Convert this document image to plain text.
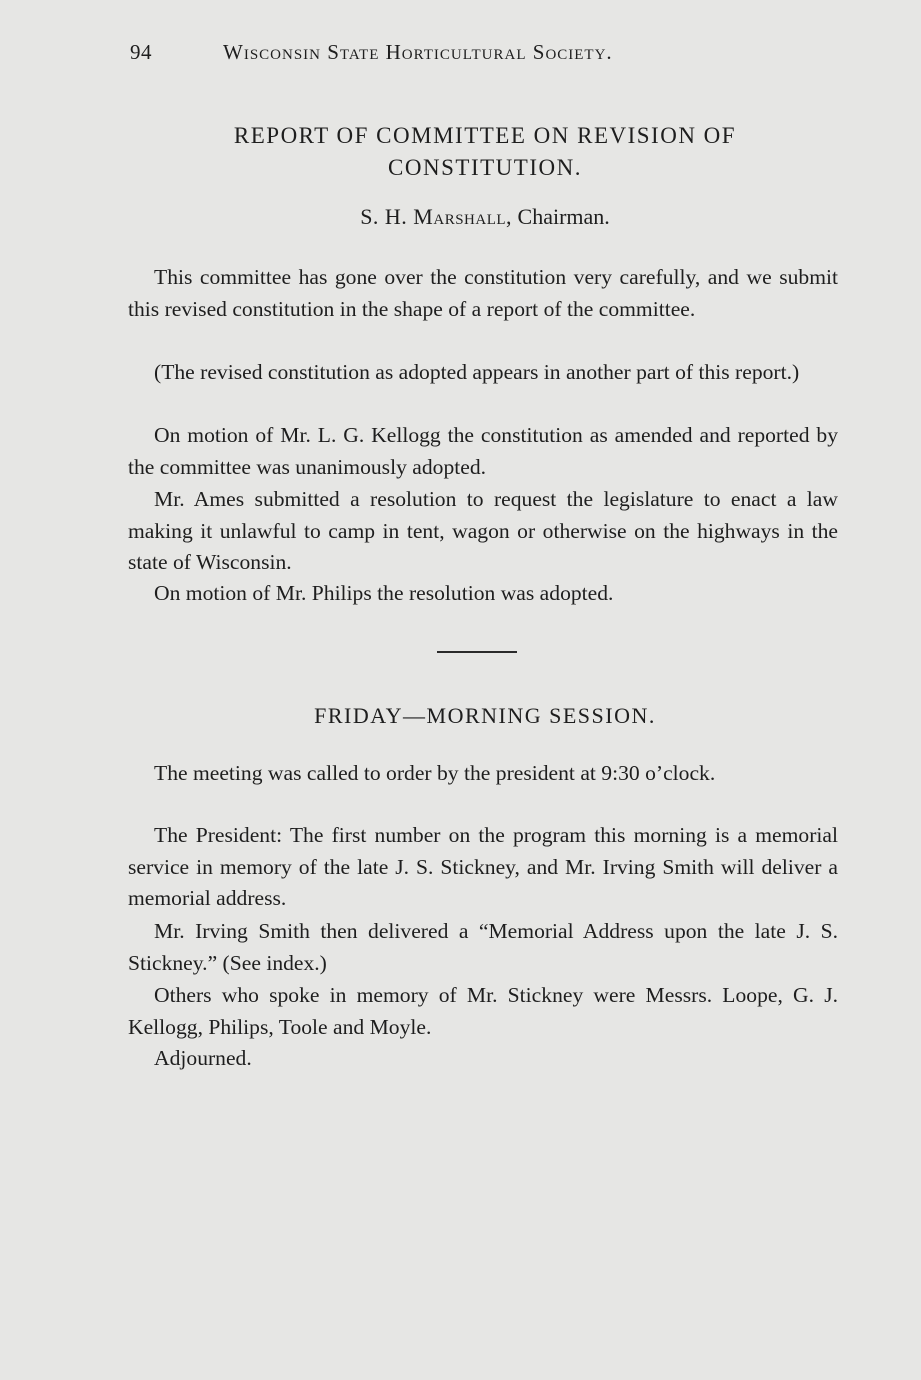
94	Wisconsin State Horticultural Society.
REPORT OF COMMITTEE ON REVISION OF
CONSTITUTION.
S. H. Marshall, Chairman.

This committee has gone over the constitution very carefully, and we submit this revised constitution in the shape of a report of the committee.

(The revised constitution as adopted appears in another part of this report.)

On motion of Mr. L. G. Kellogg the constitution as amended and reported by the committee was unanimously adopted.

Mr. Ames submitted a resolution to request the legislature to enact a law making it unlawful to camp in tent, wagon or otherwise on the highways in the state of Wisconsin.

On motion of Mr. Philips the resolution was adopted.

FRIDAY—MORNING SESSION.

The meeting was called to order by the president at 9:30 o’clock.

The President: The first number on the program this morning is a memorial service in memory of the late J. S. Stickney, and Mr. Irving Smith will deliver a memorial address.

Mr. Irving Smith then delivered a “Memorial Address upon the late J. S. Stickney.” (See index.)

Others who spoke in memory of Mr. Stickney were Messrs. Loope, G. J. Kellogg, Philips, Toole and Moyle.

Adjourned.
